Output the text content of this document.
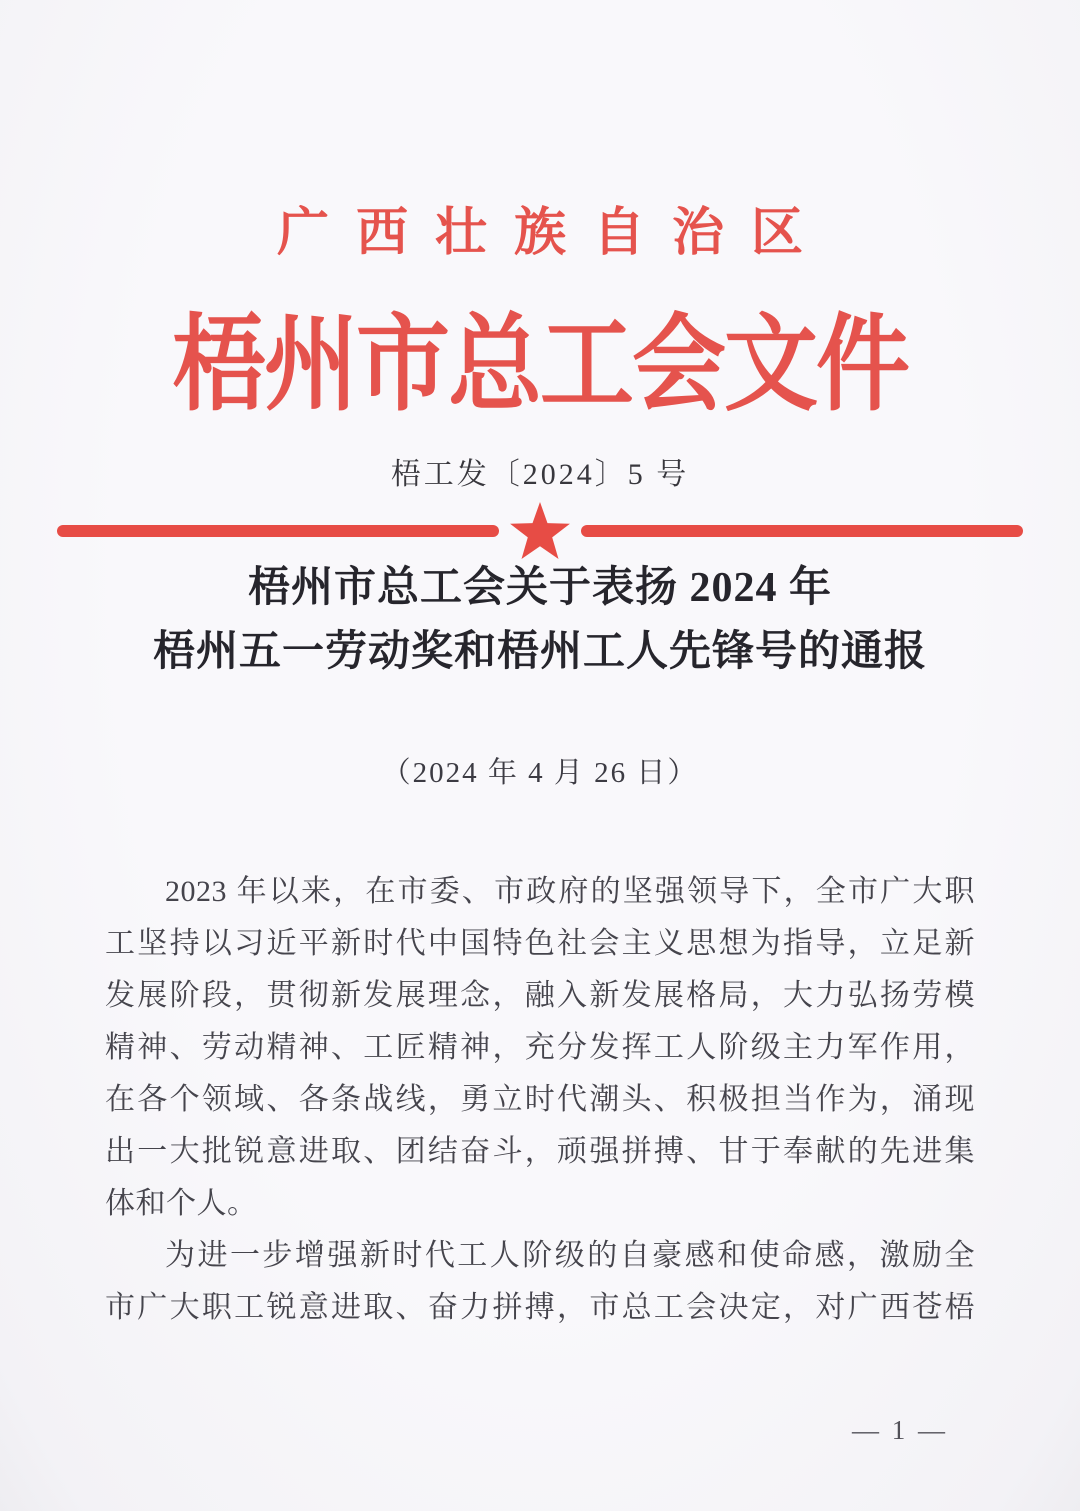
广西壮族自治区
梧州市总工会文件
梧工发〔2024〕5 号
梧州市总工会关于表扬 2024 年
梧州五一劳动奖和梧州工人先锋号的通报
（2024 年 4 月 26 日）
2023 年以来，在市委、市政府的坚强领导下，全市广大职
工坚持以习近平新时代中国特色社会主义思想为指导，立足新
发展阶段，贯彻新发展理念，融入新发展格局，大力弘扬劳模
精神、劳动精神、工匠精神，充分发挥工人阶级主力军作用，
在各个领域、各条战线，勇立时代潮头、积极担当作为，涌现
出一大批锐意进取、团结奋斗，顽强拼搏、甘于奉献的先进集
体和个人。
为进一步增强新时代工人阶级的自豪感和使命感，激励全
市广大职工锐意进取、奋力拼搏，市总工会决定，对广西苍梧
— 1 —
